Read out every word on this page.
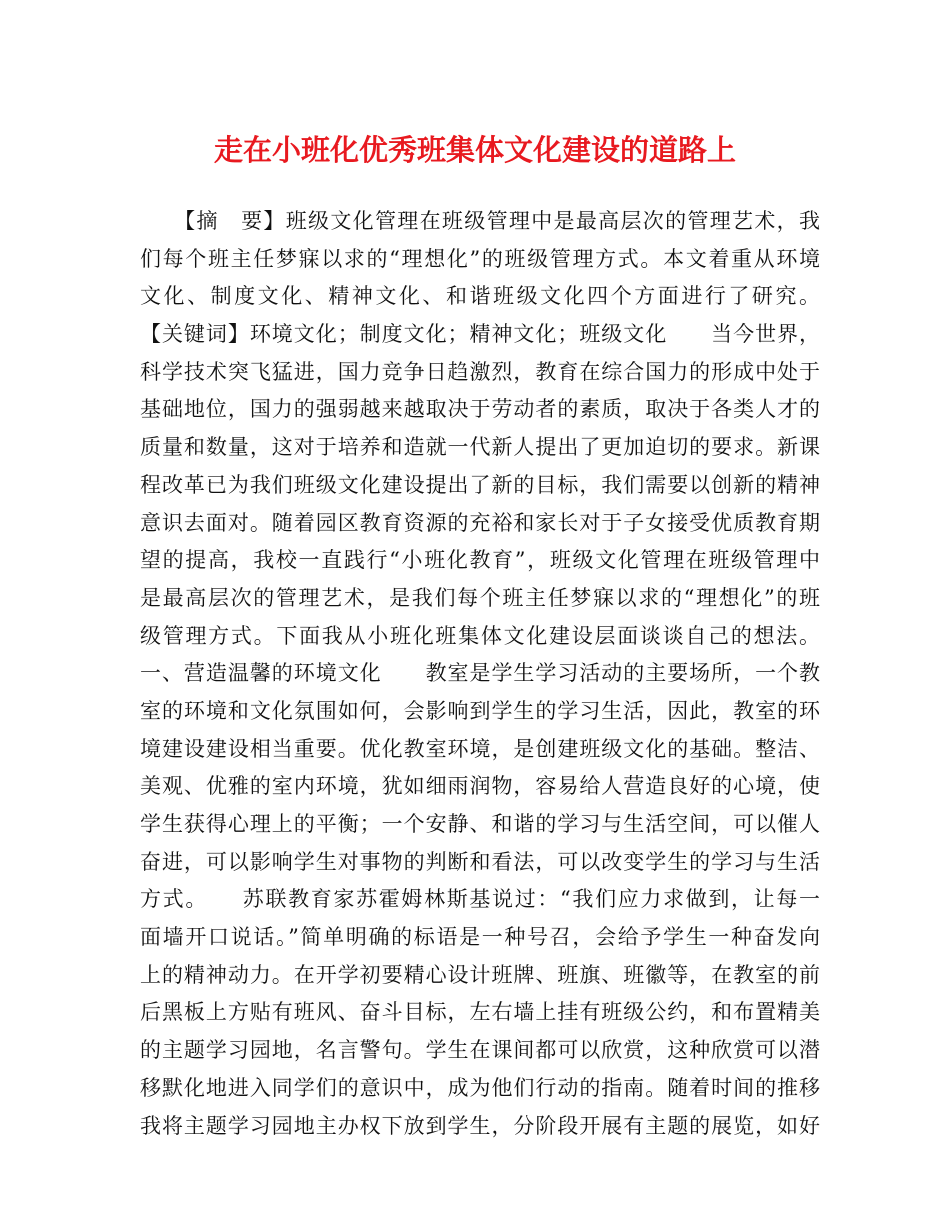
走在小班化优秀班集体文化建设的道路上
　　【摘　要】班级文化管理在班级管理中是最高层次的管理艺术，我
们每个班主任梦寐以求的“理想化”的班级管理方式。本文着重从环境
文化、制度文化、精神文化、和谐班级文化四个方面进行了研究。
【关键词】环境文化；制度文化；精神文化；班级文化　　当今世界，
科学技术突飞猛进，国力竞争日趋激烈，教育在综合国力的形成中处于
基础地位，国力的强弱越来越取决于劳动者的素质，取决于各类人才的
质量和数量，这对于培养和造就一代新人提出了更加迫切的要求。新课
程改革已为我们班级文化建设提出了新的目标，我们需要以创新的精神
意识去面对。随着园区教育资源的充裕和家长对于子女接受优质教育期
望的提高，我校一直践行“小班化教育”，班级文化管理在班级管理中
是最高层次的管理艺术，是我们每个班主任梦寐以求的“理想化”的班
级管理方式。下面我从小班化班集体文化建设层面谈谈自己的想法。
一、营造温馨的环境文化　　教室是学生学习活动的主要场所，一个教
室的环境和文化氛围如何，会影响到学生的学习生活，因此，教室的环
境建设建设相当重要。优化教室环境，是创建班级文化的基础。整洁、
美观、优雅的室内环境，犹如细雨润物，容易给人营造良好的心境，使
学生获得心理上的平衡；一个安静、和谐的学习与生活空间，可以催人
奋进，可以影响学生对事物的判断和看法，可以改变学生的学习与生活
方式。　　苏联教育家苏霍姆林斯基说过：“我们应力求做到，让每一
面墙开口说话。”简单明确的标语是一种号召，会给予学生一种奋发向
上的精神动力。在开学初要精心设计班牌、班旗、班徽等，在教室的前
后黑板上方贴有班风、奋斗目标，左右墙上挂有班级公约，和布置精美
的主题学习园地，名言警句。学生在课间都可以欣赏，这种欣赏可以潜
移默化地进入同学们的意识中，成为他们行动的指南。随着时间的推移
我将主题学习园地主办权下放到学生，分阶段开展有主题的展览，如好
